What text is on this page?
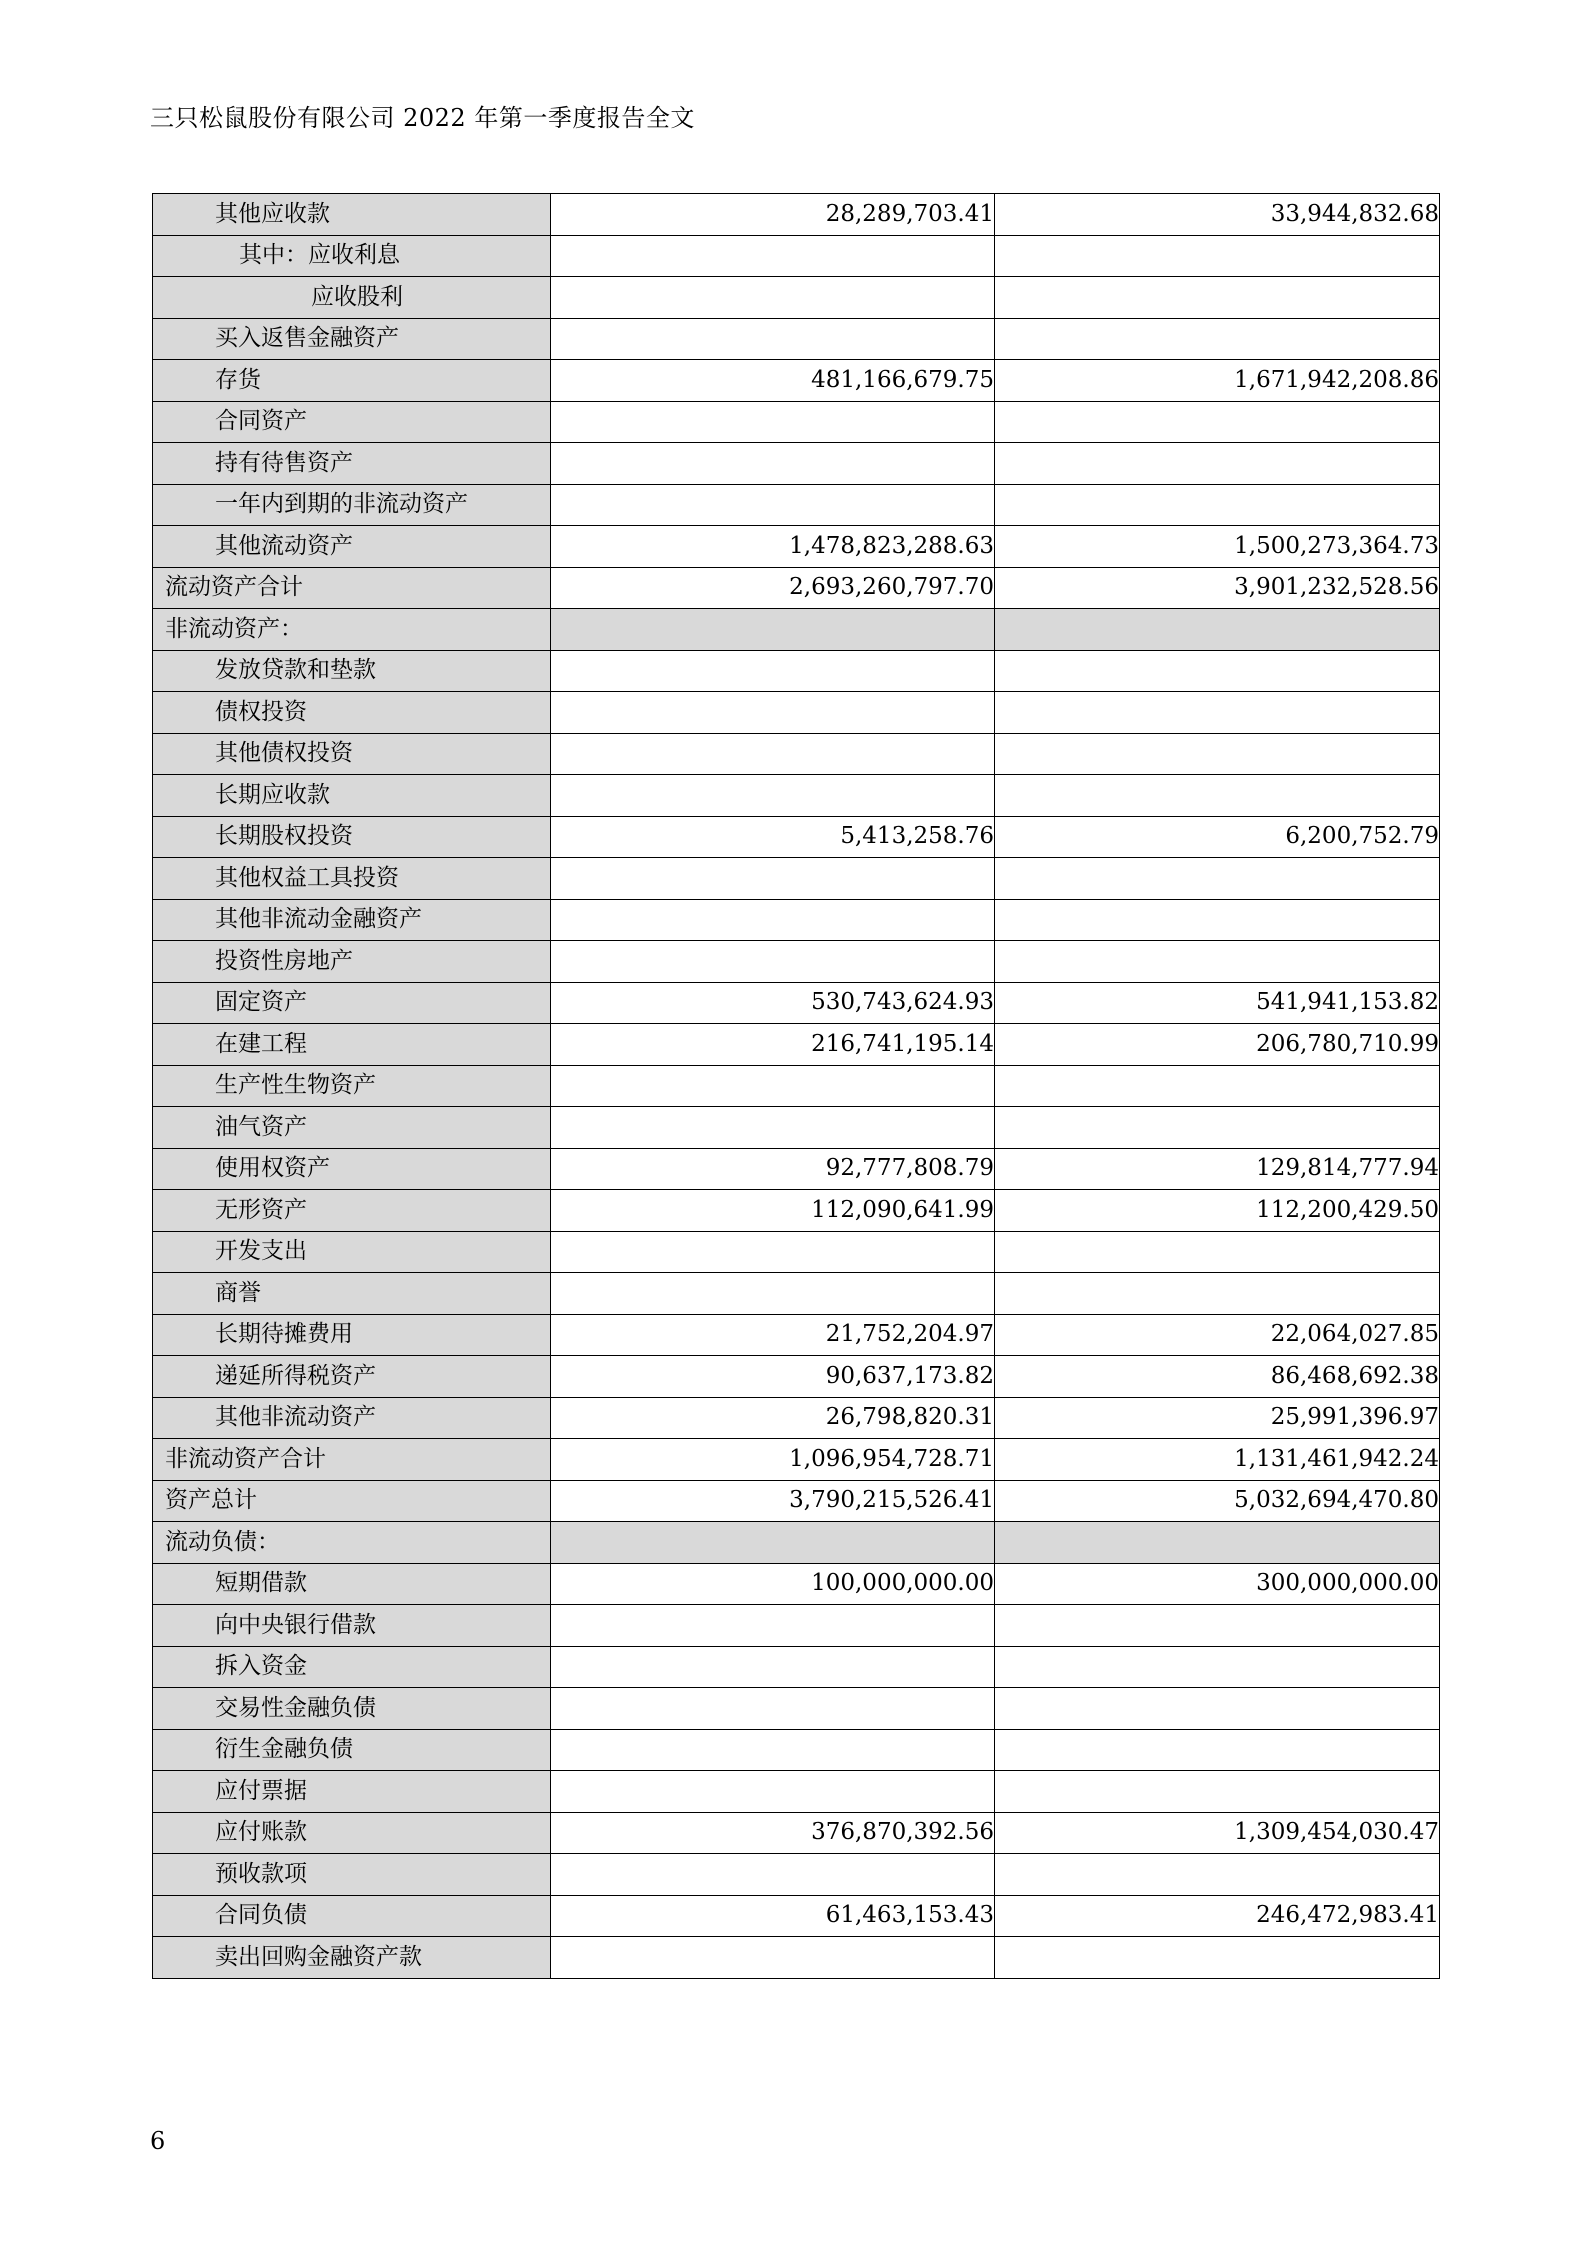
三只松鼠股份有限公司 2022 年第一季度报告全文
其他应收款	28,289,703.41	33,944,832.68
其中：应收利息		
应收股利		
买入返售金融资产		
存货	481,166,679.75	1,671,942,208.86
合同资产		
持有待售资产		
一年内到期的非流动资产		
其他流动资产	1,478,823,288.63	1,500,273,364.73
流动资产合计	2,693,260,797.70	3,901,232,528.56
非流动资产：		
发放贷款和垫款		
债权投资		
其他债权投资		
长期应收款		
长期股权投资	5,413,258.76	6,200,752.79
其他权益工具投资		
其他非流动金融资产		
投资性房地产		
固定资产	530,743,624.93	541,941,153.82
在建工程	216,741,195.14	206,780,710.99
生产性生物资产		
油气资产		
使用权资产	92,777,808.79	129,814,777.94
无形资产	112,090,641.99	112,200,429.50
开发支出		
商誉		
长期待摊费用	21,752,204.97	22,064,027.85
递延所得税资产	90,637,173.82	86,468,692.38
其他非流动资产	26,798,820.31	25,991,396.97
非流动资产合计	1,096,954,728.71	1,131,461,942.24
资产总计	3,790,215,526.41	5,032,694,470.80
流动负债：		
短期借款	100,000,000.00	300,000,000.00
向中央银行借款		
拆入资金		
交易性金融负债		
衍生金融负债		
应付票据		
应付账款	376,870,392.56	1,309,454,030.47
预收款项		
合同负债	61,463,153.43	246,472,983.41
卖出回购金融资产款		
6
